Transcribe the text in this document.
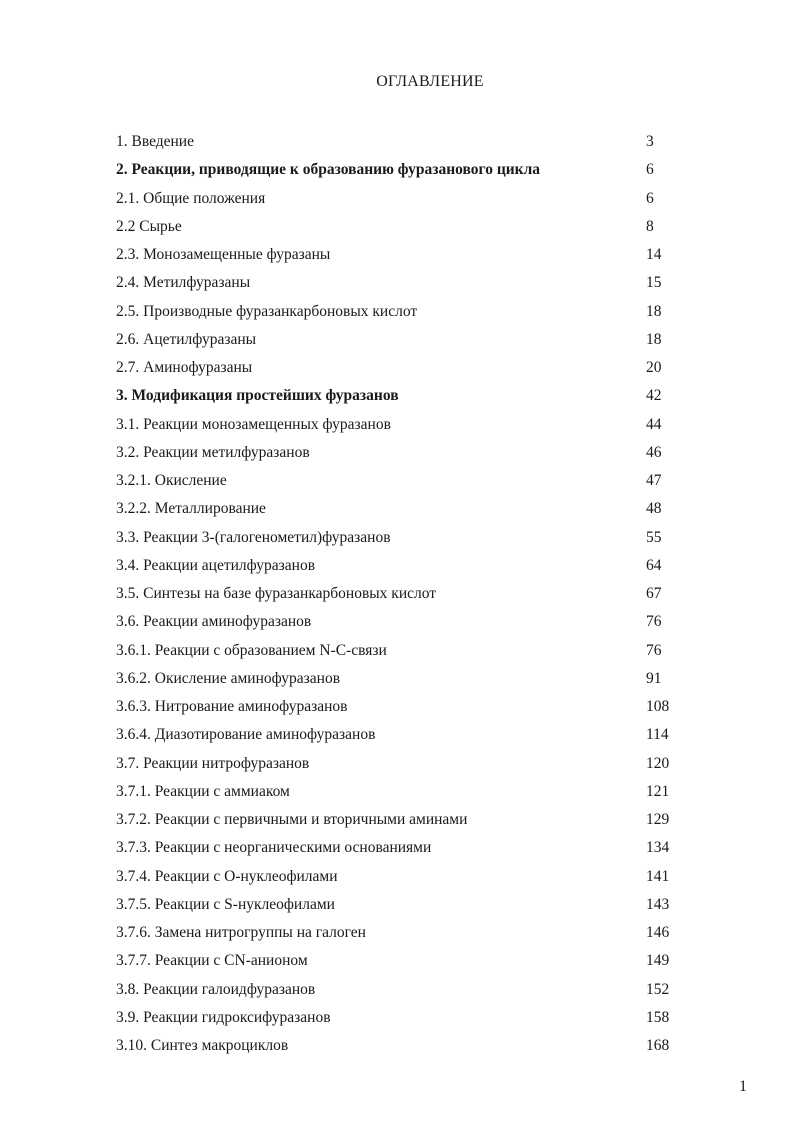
ОГЛАВЛЕНИЕ
1. Введение	3
2. Реакции, приводящие к образованию фуразанового цикла	6
2.1. Общие положения	6
2.2 Сырье	8
2.3. Монозамещенные фуразаны	14
2.4. Метилфуразаны	15
2.5. Производные фуразанкарбоновых кислот	18
2.6. Ацетилфуразаны	18
2.7. Аминофуразаны	20
3. Модификация простейших фуразанов	42
3.1. Реакции монозамещенных фуразанов	44
3.2. Реакции метилфуразанов	46
3.2.1. Окисление	47
3.2.2. Металлирование	48
3.3. Реакции 3-(галогенометил)фуразанов	55
3.4. Реакции ацетилфуразанов	64
3.5. Синтезы на базе фуразанкарбоновых кислот	67
3.6. Реакции аминофуразанов	76
3.6.1. Реакции с образованием N-C-связи	76
3.6.2. Окисление аминофуразанов	91
3.6.3. Нитрование аминофуразанов	108
3.6.4. Диазотирование аминофуразанов	114
3.7. Реакции нитрофуразанов	120
3.7.1. Реакции с аммиаком	121
3.7.2. Реакции с первичными и вторичными аминами	129
3.7.3. Реакции с неорганическими основаниями	134
3.7.4. Реакции с O-нуклеофилами	141
3.7.5. Реакции с S-нуклеофилами	143
3.7.6. Замена нитрогруппы на галоген	146
3.7.7. Реакции с CN-анионом	149
3.8. Реакции галоидфуразанов	152
3.9. Реакции гидроксифуразанов	158
3.10. Синтез макроциклов	168
1
